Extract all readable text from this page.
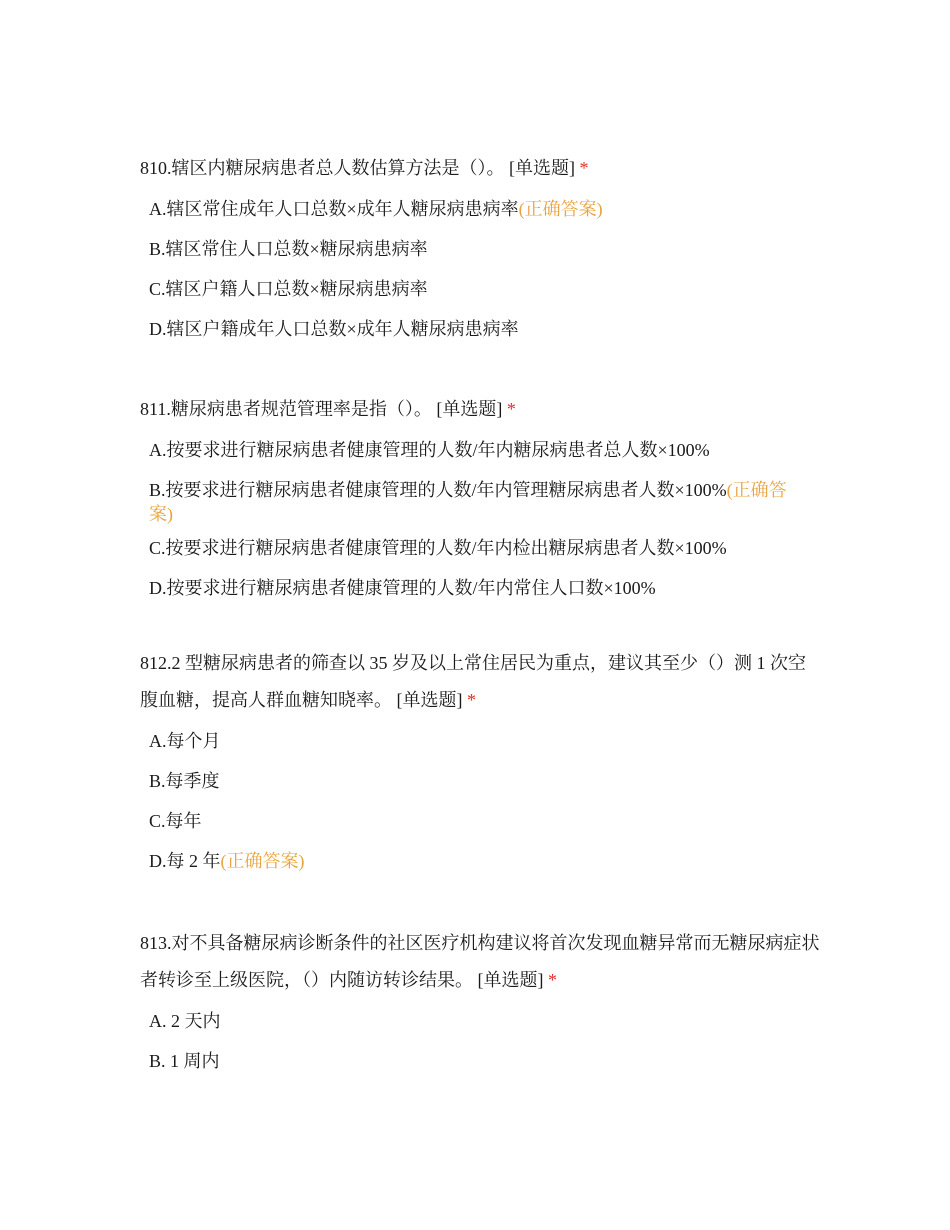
810.辖区内糖尿病患者总人数估算方法是（）。 [单选题] *

A.辖区常住成年人口总数×成年人糖尿病患病率(正确答案)
B.辖区常住人口总数×糖尿病患病率
C.辖区户籍人口总数×糖尿病患病率
D.辖区户籍成年人口总数×成年人糖尿病患病率

811.糖尿病患者规范管理率是指（）。 [单选题] *

A.按要求进行糖尿病患者健康管理的人数/年内糖尿病患者总人数×100%
B.按要求进行糖尿病患者健康管理的人数/年内管理糖尿病患者人数×100%(正确答案)
C.按要求进行糖尿病患者健康管理的人数/年内检出糖尿病患者人数×100%
D.按要求进行糖尿病患者健康管理的人数/年内常住人口数×100%

812.2 型糖尿病患者的筛查以 35 岁及以上常住居民为重点，建议其至少（）测 1 次空腹血糖，提高人群血糖知晓率。 [单选题] *

A.每个月
B.每季度
C.每年
D.每 2 年(正确答案)

813.对不具备糖尿病诊断条件的社区医疗机构建议将首次发现血糖异常而无糖尿病症状者转诊至上级医院，（）内随访转诊结果。 [单选题] *

A. 2 天内
B. 1 周内
